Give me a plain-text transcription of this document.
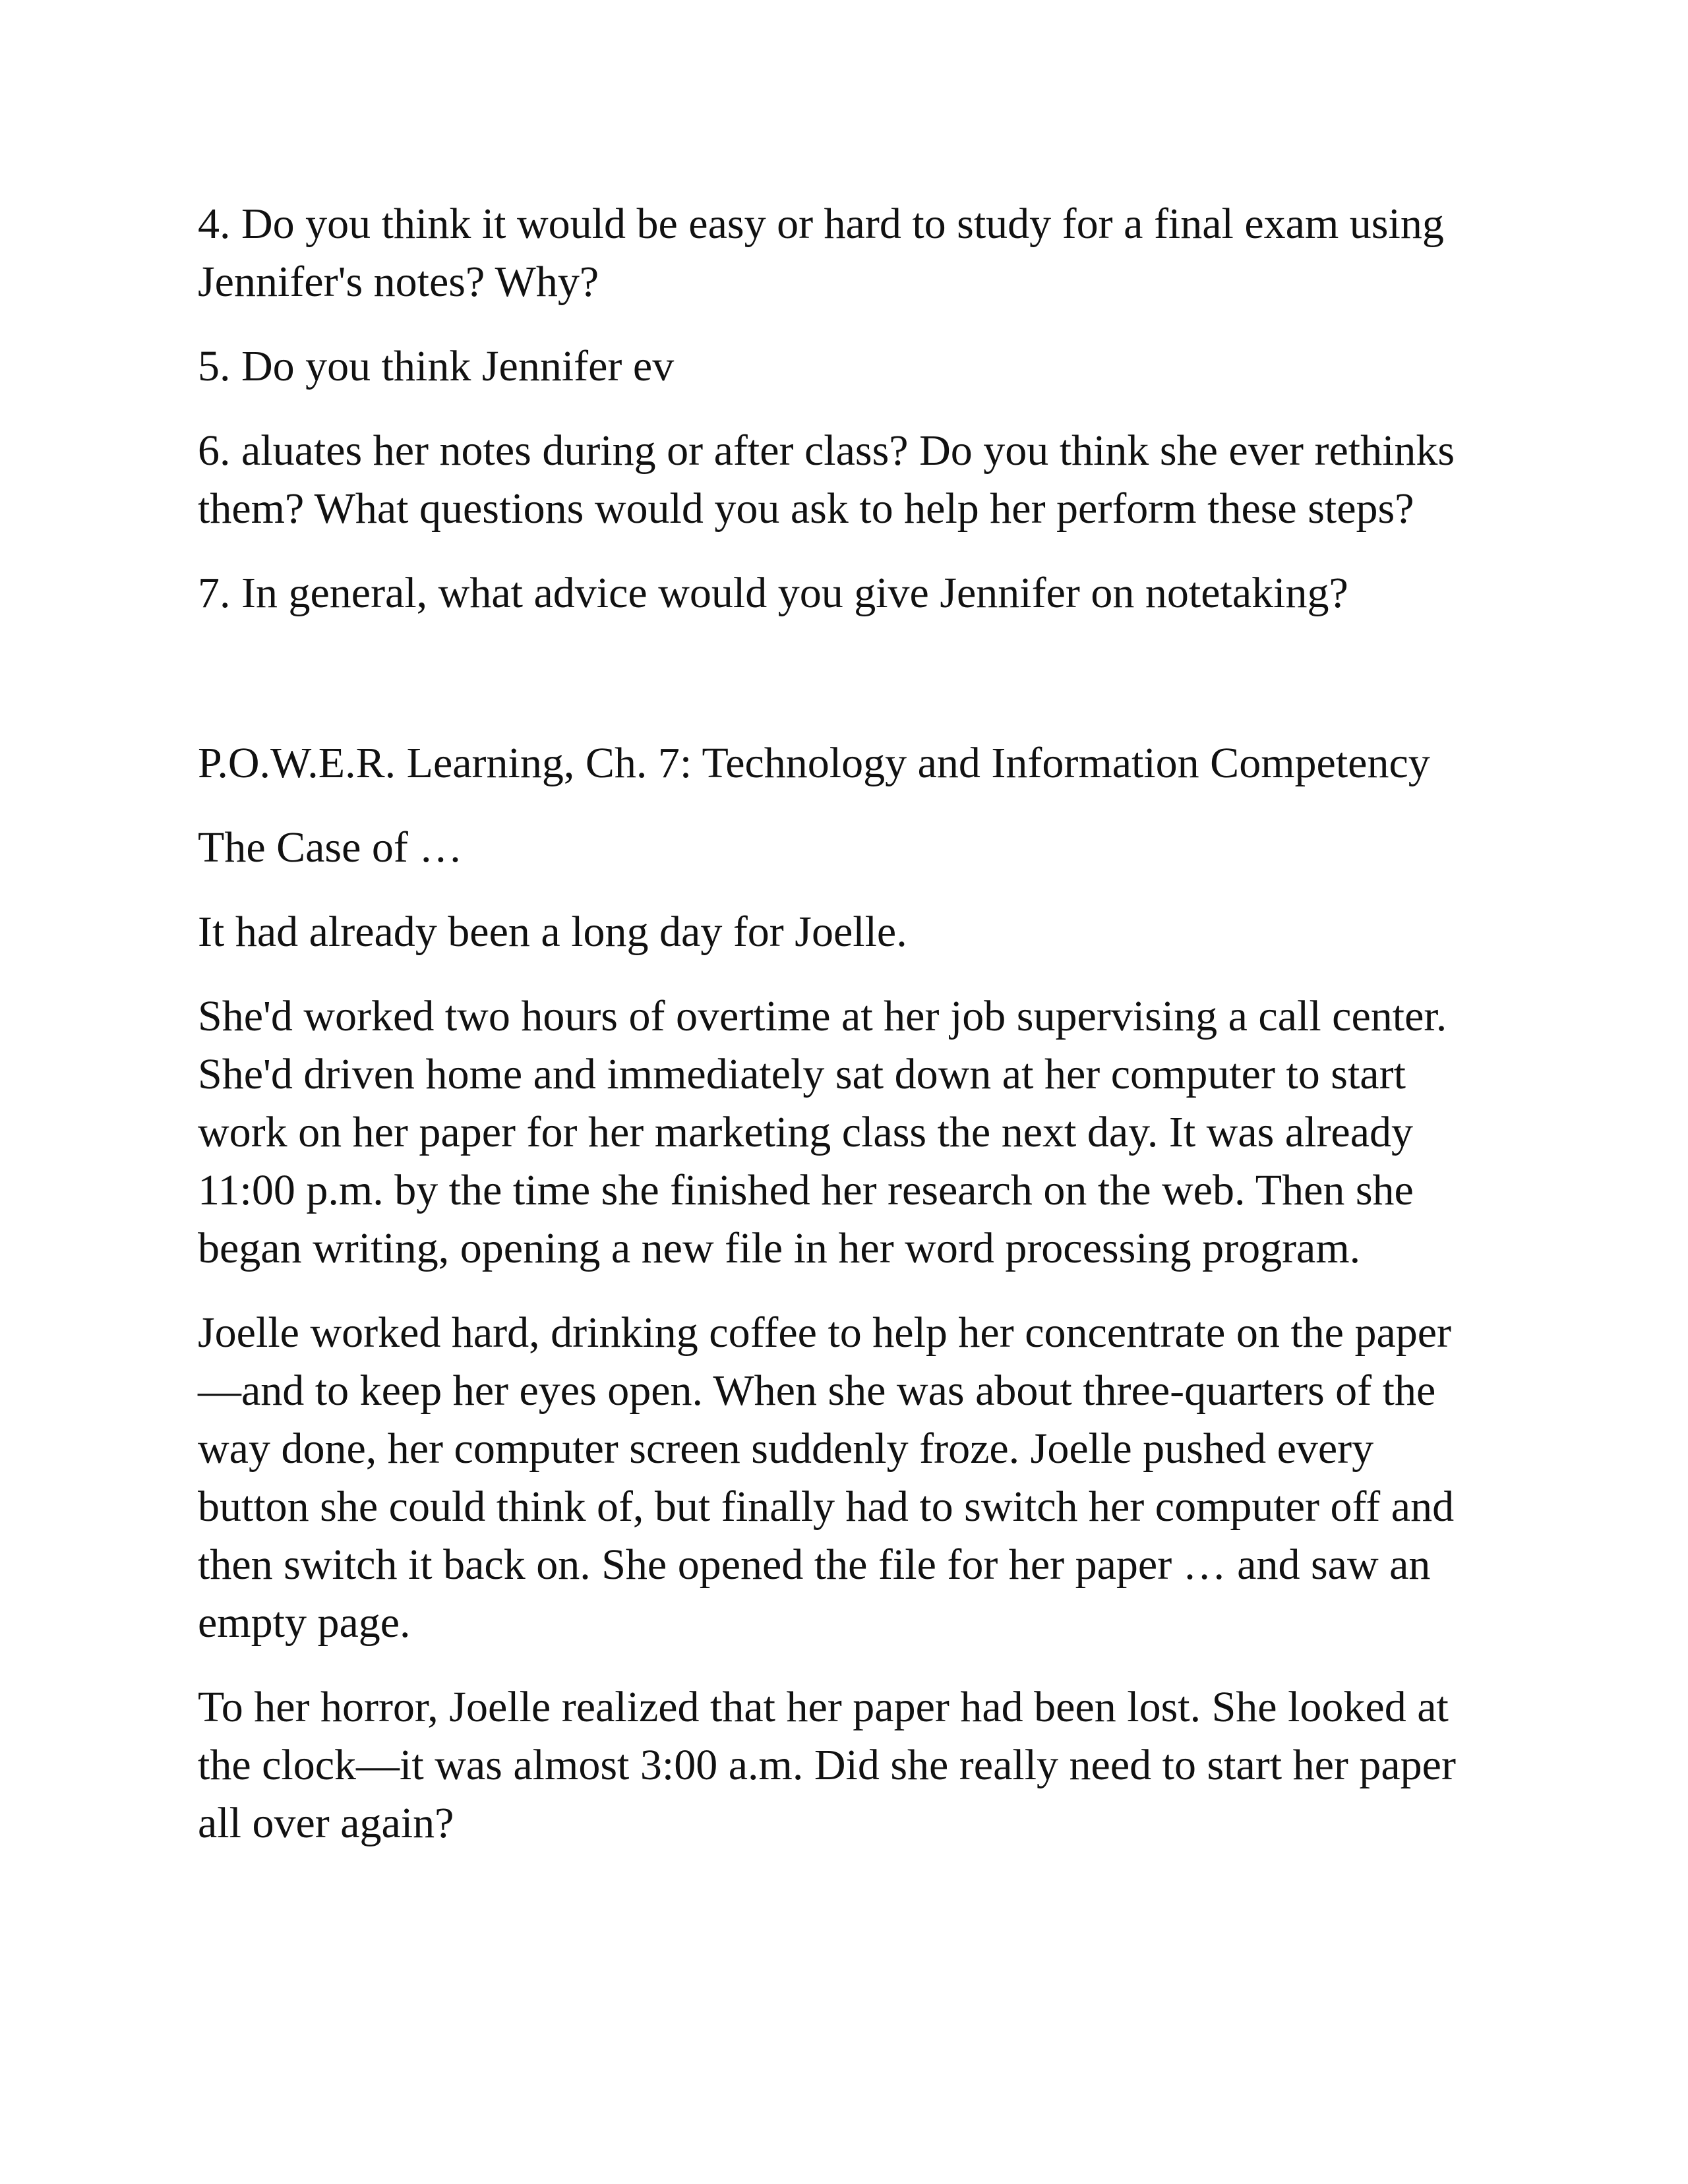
4. Do you think it would be easy or hard to study for a final exam using Jennifer's notes? Why?

5. Do you think Jennifer ev

6. aluates her notes during or after class? Do you think she ever rethinks them? What questions would you ask to help her perform these steps?

7. In general, what advice would you give Jennifer on notetaking?

P.O.W.E.R. Learning, Ch. 7: Technology and Information Competency

The Case of …

It had already been a long day for Joelle.

She'd worked two hours of overtime at her job supervising a call center. She'd driven home and immediately sat down at her computer to start work on her paper for her marketing class the next day. It was already 11:00 p.m. by the time she finished her research on the web. Then she began writing, opening a new file in her word processing program.

Joelle worked hard, drinking coffee to help her concentrate on the paper—and to keep her eyes open. When she was about three-quarters of the way done, her computer screen suddenly froze. Joelle pushed every button she could think of, but finally had to switch her computer off and then switch it back on. She opened the file for her paper … and saw an empty page.

To her horror, Joelle realized that her paper had been lost. She looked at the clock—it was almost 3:00 a.m. Did she really need to start her paper all over again?
